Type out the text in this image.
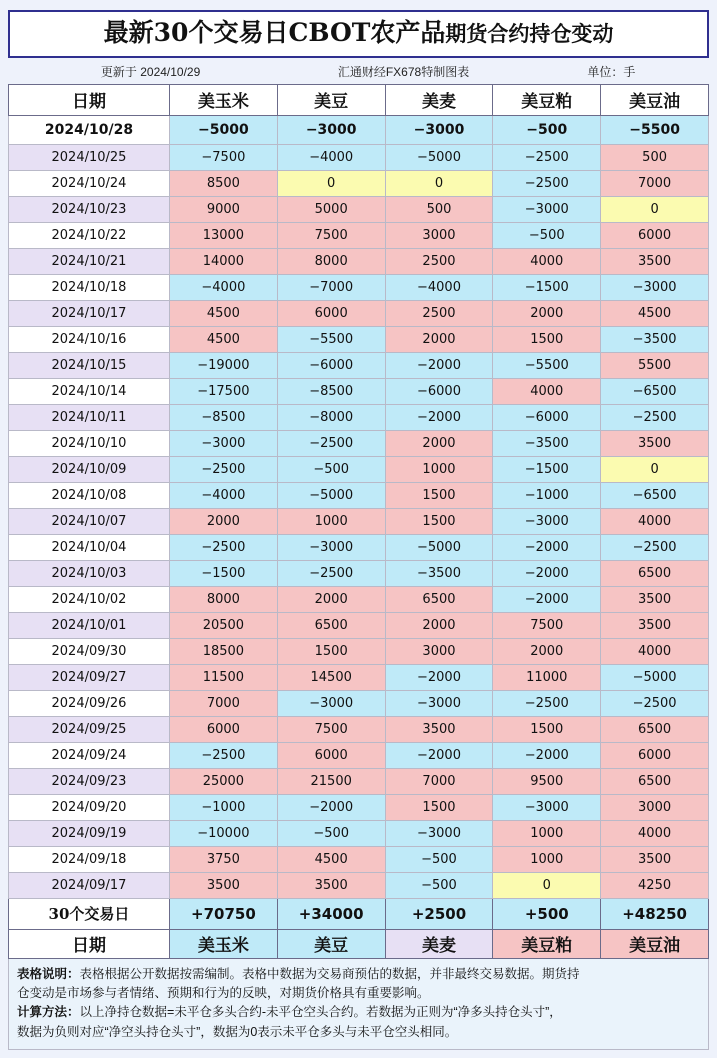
最新30个交易日CBOT农产品期货合约持仓变动
更新于 2024/10/29	汇通财经FX678特制图表	单位：手
日期	美玉米	美豆	美麦	美豆粕	美豆油
2024/10/28	−5000	−3000	−3000	−500	−5500
2024/10/25	−7500	−4000	−5000	−2500	500
2024/10/24	8500	0	0	−2500	7000
2024/10/23	9000	5000	500	−3000	0
2024/10/22	13000	7500	3000	−500	6000
2024/10/21	14000	8000	2500	4000	3500
2024/10/18	−4000	−7000	−4000	−1500	−3000
2024/10/17	4500	6000	2500	2000	4500
2024/10/16	4500	−5500	2000	1500	−3500
2024/10/15	−19000	−6000	−2000	−5500	5500
2024/10/14	−17500	−8500	−6000	4000	−6500
2024/10/11	−8500	−8000	−2000	−6000	−2500
2024/10/10	−3000	−2500	2000	−3500	3500
2024/10/09	−2500	−500	1000	−1500	0
2024/10/08	−4000	−5000	1500	−1000	−6500
2024/10/07	2000	1000	1500	−3000	4000
2024/10/04	−2500	−3000	−5000	−2000	−2500
2024/10/03	−1500	−2500	−3500	−2000	6500
2024/10/02	8000	2000	6500	−2000	3500
2024/10/01	20500	6500	2000	7500	3500
2024/09/30	18500	1500	3000	2000	4000
2024/09/27	11500	14500	−2000	11000	−5000
2024/09/26	7000	−3000	−3000	−2500	−2500
2024/09/25	6000	7500	3500	1500	6500
2024/09/24	−2500	6000	−2000	−2000	6000
2024/09/23	25000	21500	7000	9500	6500
2024/09/20	−1000	−2000	1500	−3000	3000
2024/09/19	−10000	−500	−3000	1000	4000
2024/09/18	3750	4500	−500	1000	3500
2024/09/17	3500	3500	−500	0	4250
30个交易日	+70750	+34000	+2500	+500	+48250
日期	美玉米	美豆	美麦	美豆粕	美豆油
表格说明：表格根据公开数据按需编制。表格中数据为交易商预估的数据，并非最终交易数据。期货持
仓变动是市场参与者情绪、预期和行为的反映，对期货价格具有重要影响。
计算方法：以上净持仓数据=未平仓多头合约-未平仓空头合约。若数据为正则为“净多头持仓头寸”，
数据为负则对应“净空头持仓头寸”，数据为0表示未平仓多头与未平仓空头相同。
